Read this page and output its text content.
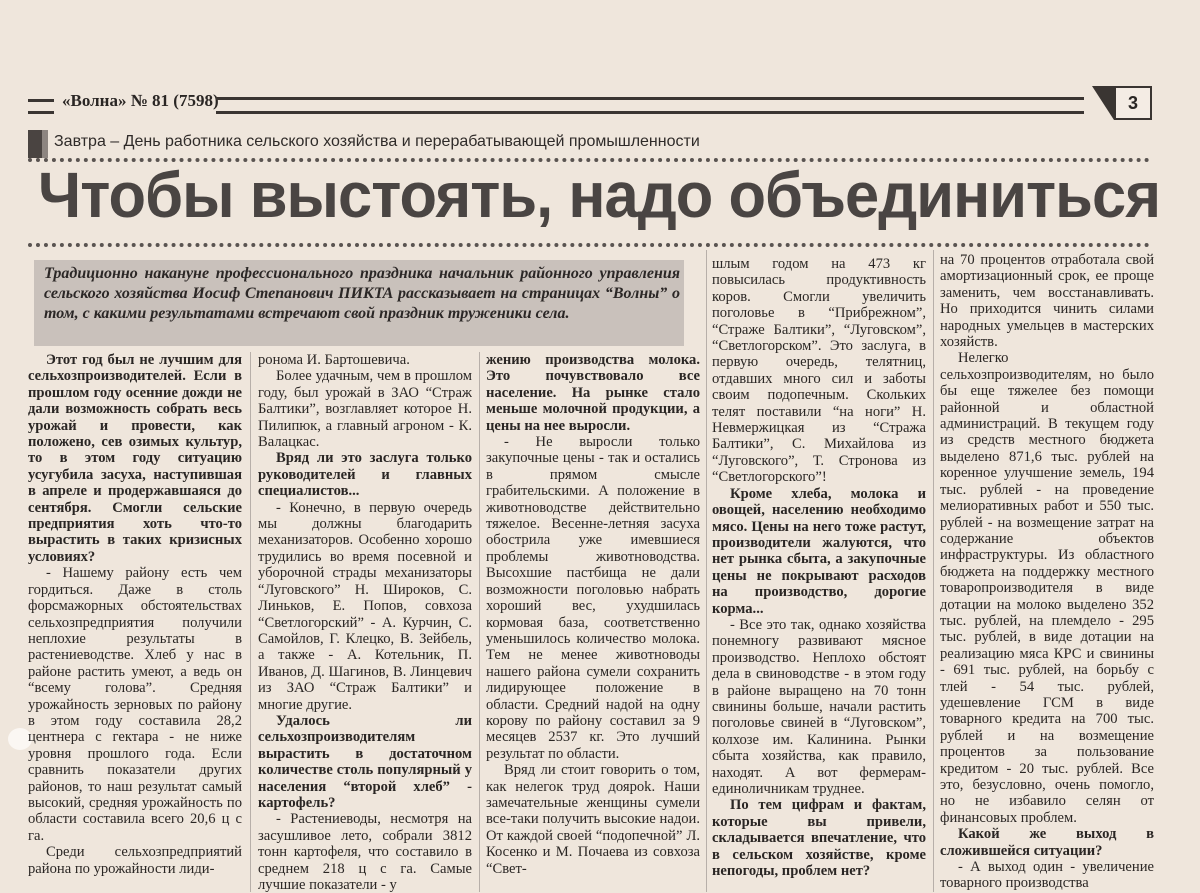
«Волна» № 81 (7598)	3
Завтра – День работника сельского хозяйства и перерабатывающей промышленности
Чтобы выстоять, надо объединиться
Традиционно накануне профессионального праздника начальник районного управления сельского хозяйства Иосиф Степанович ПИКТА рассказывает на страницах “Волны” о том, с какими результатами встречают свой праздник труженики села.

Этот год был не лучшим для сельхозпроизводителей. Если в прошлом году осенние дожди не дали возможность собрать весь урожай и провести, как положено, сев озимых культур, то в этом году ситуацию усугубила засуха, наступившая в апреле и продержавшаяся до сентября. Смогли сельские предприятия хоть что-то вырастить в таких кризисных условиях?

- Нашему району есть чем гордиться. Даже в столь форсмажорных обстоятельствах сельхозпредприятия получили неплохие результаты в растениеводстве. Хлеб у нас в районе растить умеют, а ведь он “всему голова”. Средняя урожайность зерновых по району в этом году составила 28,2 центнера с гектара - не ниже уровня прошлого года. Если сравнить показатели других районов, то наш результат самый высокий, средняя урожайность по области составила всего 20,6 ц с га.

Среди сельхозпредприятий района по урожайности лиди-

рoнома И. Бартошевича.

Более удачным, чем в прошлом году, был урожай в ЗАО “Страж Балтики”, возглавляет которое Н. Пилипюк, а главный агроном - К. Валацкас.

Вряд ли это заслуга только руководителей и главных специалистов...

- Конечно, в первую очередь мы должны благодарить механизаторов. Особенно хорошо трудились во время посевной и уборочной страды механизаторы “Луговского” Н. Широков, С. Линьков, Е. Попов, совхоза “Светлогорский” - А. Курчин, С. Самойлов, Г. Клецко, В. Зейбель, а также - А. Котельник, П. Иванов, Д. Шагинов, В. Линцевич из ЗАО “Страж Балтики” и многие другие.

Удалось ли сельхозпроизводителям вырастить в достаточном количестве столь популярный у населения “второй хлеб” - картофель?

- Растениеводы, несмотря на засушливое лето, собрали 3812 тонн картофеля, что составило в среднем 218 ц с га. Самые лучшие показатели - у

жению производства молока. Это почувствовало все население. На рынке стало меньше молочной продукции, а цены на нее выросли.

- Не выросли только закупочные цены - так и остались в прямом смысле грабительскими. А положение в животноводстве действительно тяжелое. Весенне-летняя засуха обострила уже имевшиеся проблемы животноводства. Высохшие пастбища не дали возможности поголовью набрать хороший вес, ухудшилась кормовая база, соответственно уменьшилось количество молока. Тем не менее животноводы нашего района сумели сохранить лидирующее положение в области. Средний надой на одну корову по району составил за 9 месяцев 2537 кг. Это лучший результат по области.

Вряд ли стоит говорить о том, как нелегок труд дояроk. Наши замечательные женщины сумели все-таки получить высокие надои. От каждой своей “подопечной” Л. Косенко и М. Почаева из совхоза “Свет-

шлым годом на 473 кг повысилась продуктивность коров. Смогли увеличить поголовье в “Прибрежном”, “Страже Балтики”, “Луговском”, “Светлогорском”. Это заслуга, в первую очередь, телятниц, отдавших много сил и заботы своим подопечным. Скольких телят поставили “на ноги” Н. Невмержицкая из “Стража Балтики”, С. Михайлова из “Луговского”, Т. Стронова из “Светлогорского”!

Кроме хлеба, молока и овощей, населению необходимо мясо. Цены на него тоже растут, производители жалуются, что нет рынка сбыта, а закупочные цены не покрывают расходов на производство, дорогие корма...

- Все это так, однако хозяйства понемногу развивают мясное производство. Неплохо обстоят дела в свиноводстве - в этом году в районе выращено на 70 тонн свинины больше, начали растить поголовье свиней в “Луговском”, колхозе им. Калинина. Рынки сбыта хозяйства, как правило, находят. А вот фермерам-единоличникам труднее.

По тем цифрам и фактам, которые вы привели, складывается впечатление, что в сельском хозяйстве, кроме непогоды, проблем нет?

на 70 процентов отработала свой амортизационный срок, ее проще заменить, чем восстанавливать. Но приходится чинить силами народных умельцев в мастерских хозяйств.

Нелегко сельхозпроизводителям, но было бы еще тяжелее без помощи районной и областной администраций. В текущем году из средств местного бюджета выделено 871,6 тыс. рублей на коренное улучшение земель, 194 тыс. рублей - на проведение мелиоративных работ и 550 тыс. рублей - на возмещение затрат на содержание объектов инфраструктуры. Из областного бюджета на поддержку местного товаропроизводителя в виде дотации на молоко выделено 352 тыс. рублей, на племдело - 295 тыс. рублей, в виде дотации на реализацию мяса КРС и свинины - 691 тыс. рублей, на борьбу с тлей - 54 тыс. рублей, удешевление ГСМ в виде товарного кредита на 700 тыс. рублей и на возмещение процентов за пользование кредитом - 20 тыс. рублей. Все это, безусловно, очень помогло, но не избавило селян от финансовых проблем.

Какой же выход в сложившейся ситуации?

- А выход один - увеличение товарного производства
